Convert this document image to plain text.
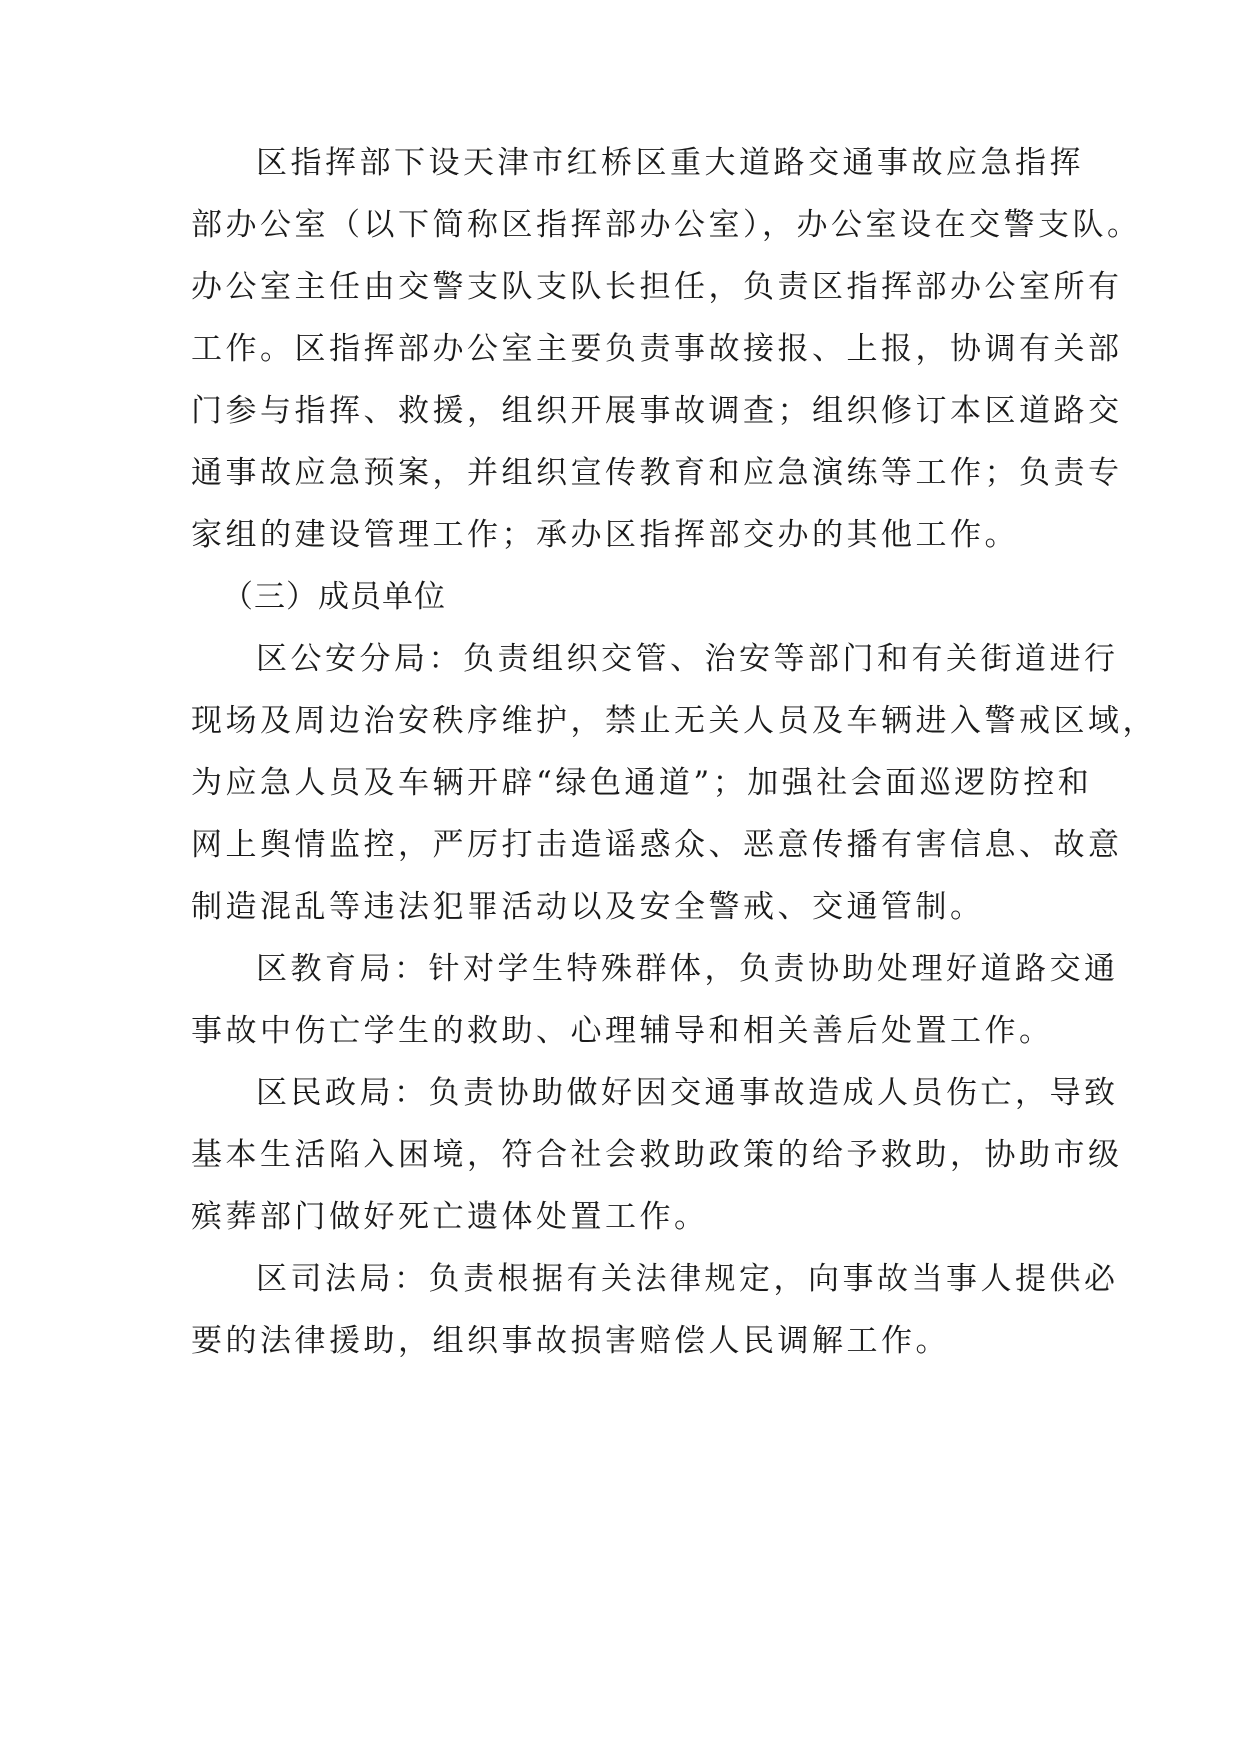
区指挥部下设天津市红桥区重大道路交通事故应急指挥
部办公室（以下简称区指挥部办公室），办公室设在交警支队。
办公室主任由交警支队支队长担任，负责区指挥部办公室所有
工作。区指挥部办公室主要负责事故接报、上报，协调有关部
门参与指挥、救援，组织开展事故调查；组织修订本区道路交
通事故应急预案，并组织宣传教育和应急演练等工作；负责专
家组的建设管理工作；承办区指挥部交办的其他工作。
（三）成员单位
区公安分局：负责组织交管、治安等部门和有关街道进行
现场及周边治安秩序维护，禁止无关人员及车辆进入警戒区域，
为应急人员及车辆开辟“绿色通道”；加强社会面巡逻防控和
网上舆情监控，严厉打击造谣惑众、恶意传播有害信息、故意
制造混乱等违法犯罪活动以及安全警戒、交通管制。
区教育局：针对学生特殊群体，负责协助处理好道路交通
事故中伤亡学生的救助、心理辅导和相关善后处置工作。
区民政局：负责协助做好因交通事故造成人员伤亡，导致
基本生活陷入困境，符合社会救助政策的给予救助，协助市级
殡葬部门做好死亡遗体处置工作。
区司法局：负责根据有关法律规定，向事故当事人提供必
要的法律援助，组织事故损害赔偿人民调解工作。
